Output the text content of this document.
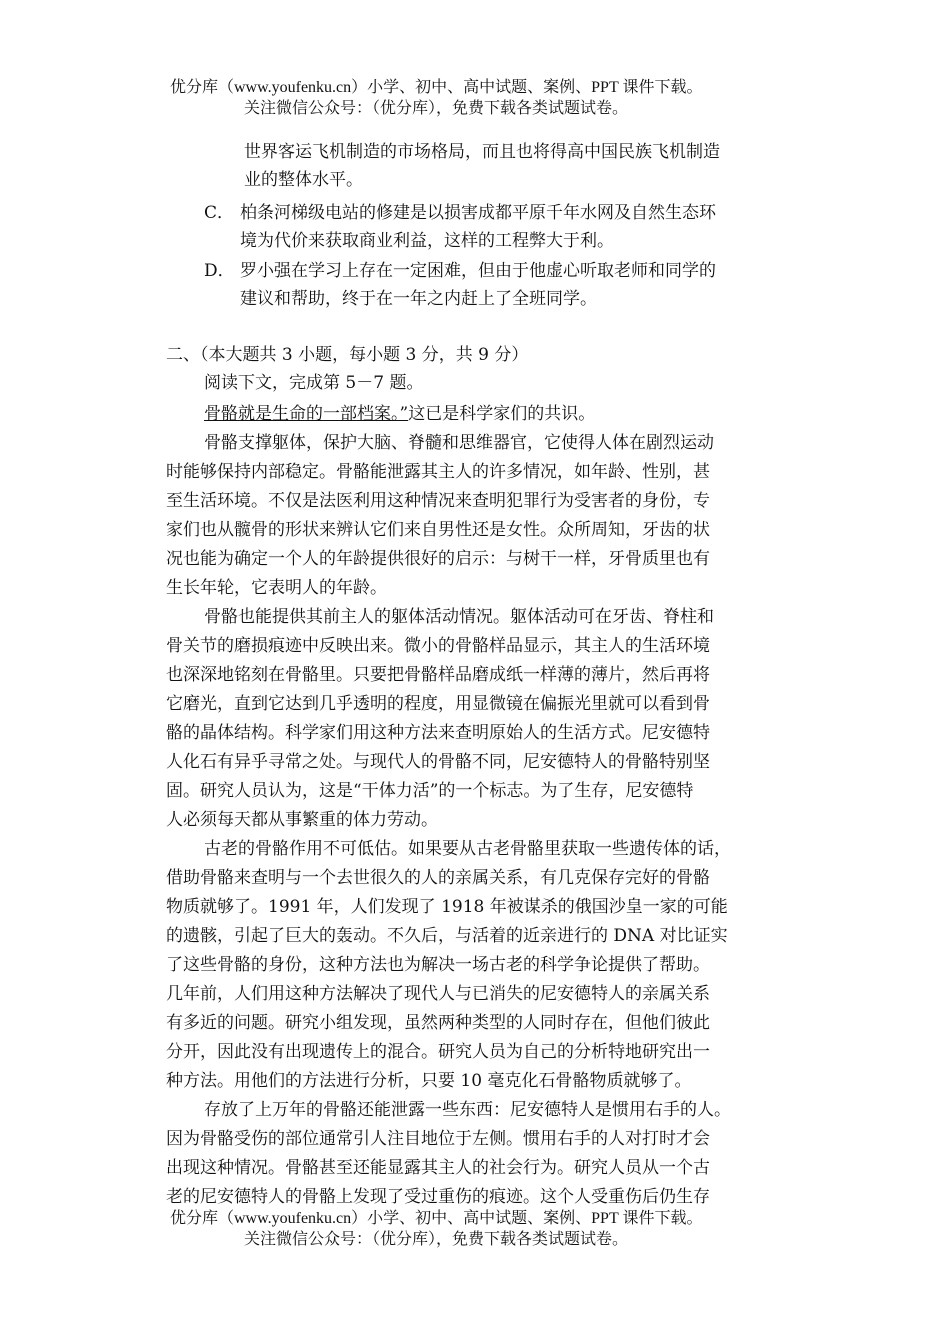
优分库（www.youfenku.cn）小学、初中、高中试题、案例、PPT 课件下载。
关注微信公众号：（优分库），免费下载各类试题试卷。
世界客运飞机制造的市场格局，而且也将得高中国民族飞机制造
业的整体水平。
C． 柏条河梯级电站的修建是以损害成都平原千年水网及自然生态环
境为代价来获取商业利益，这样的工程弊大于利。
D． 罗小强在学习上存在一定困难，但由于他虚心听取老师和同学的
建议和帮助，终于在一年之内赶上了全班同学。
二、（本大题共 3 小题，每小题 3 分，共 9 分）
阅读下文，完成第 5－7 题。
骨骼就是生命的一部档案。”这已是科学家们的共识。
骨骼支撑躯体，保护大脑、脊髓和思维器官，它使得人体在剧烈运动
时能够保持内部稳定。骨骼能泄露其主人的许多情况，如年龄、性别，甚
至生活环境。不仅是法医利用这种情况来查明犯罪行为受害者的身份，专
家们也从髋骨的形状来辨认它们来自男性还是女性。众所周知，牙齿的状
况也能为确定一个人的年龄提供很好的启示：与树干一样，牙骨质里也有
生长年轮，它表明人的年龄。
骨骼也能提供其前主人的躯体活动情况。躯体活动可在牙齿、脊柱和
骨关节的磨损痕迹中反映出来。微小的骨骼样品显示，其主人的生活环境
也深深地铭刻在骨骼里。只要把骨骼样品磨成纸一样薄的薄片，然后再将
它磨光，直到它达到几乎透明的程度，用显微镜在偏振光里就可以看到骨
骼的晶体结构。科学家们用这种方法来查明原始人的生活方式。尼安德特
人化石有异乎寻常之处。与现代人的骨骼不同，尼安德特人的骨骼特别坚
固。研究人员认为，这是“干体力活”的一个标志。为了生存，尼安德特
人必须每天都从事繁重的体力劳动。
古老的骨骼作用不可低估。如果要从古老骨骼里获取一些遗传体的话，
借助骨骼来查明与一个去世很久的人的亲属关系，有几克保存完好的骨骼
物质就够了。1991 年，人们发现了 1918 年被谋杀的俄国沙皇一家的可能
的遗骸，引起了巨大的轰动。不久后，与活着的近亲进行的 DNA 对比证实
了这些骨骼的身份，这种方法也为解决一场古老的科学争论提供了帮助。
几年前，人们用这种方法解决了现代人与已消失的尼安德特人的亲属关系
有多近的问题。研究小组发现，虽然两种类型的人同时存在，但他们彼此
分开，因此没有出现遗传上的混合。研究人员为自己的分析特地研究出一
种方法。用他们的方法进行分析，只要 10 毫克化石骨骼物质就够了。
存放了上万年的骨骼还能泄露一些东西：尼安德特人是惯用右手的人。
因为骨骼受伤的部位通常引人注目地位于左侧。惯用右手的人对打时才会
出现这种情况。骨骼甚至还能显露其主人的社会行为。研究人员从一个古
老的尼安德特人的骨骼上发现了受过重伤的痕迹。这个人受重伤后仍生存
优分库（www.youfenku.cn）小学、初中、高中试题、案例、PPT 课件下载。
关注微信公众号：（优分库），免费下载各类试题试卷。
